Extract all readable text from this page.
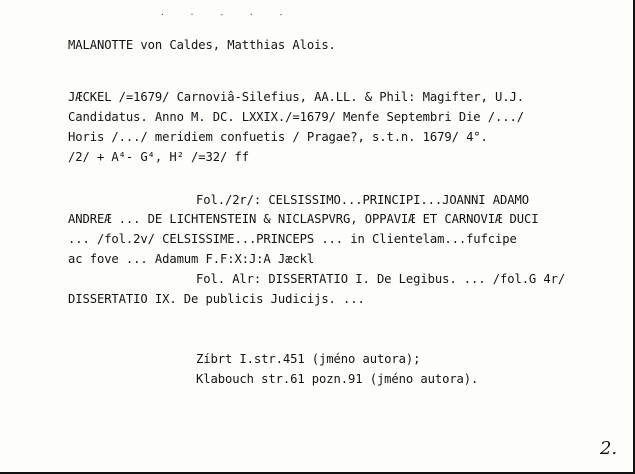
· · - · -
MALANOTTE von Caldes, Matthias Alois.
JÆCKEL /=1679/ Carnoviâ-Silefius, AA.LL. & Phil: Magifter, U.J.
Candidatus. Anno M. DC. LXXIX./=1679/ Menfe Septembri Die /.../
Horis /.../ meridiem confuetis / Pragae?, s.t.n. 1679/ 4°.
/2/ + A⁴- G⁴, H² /=32/ ff
Fol./2r/: CELSISSIMO...PRINCIPI...JOANNI ADAMO
ANDREÆ ... DE LICHTENSTEIN & NICLASPVRG, OPPAVIÆ ET CARNOVIÆ DUCI
... /fol.2v/ CELSISSIME...PRINCEPS ... in Clientelam...fufcipe
ac fove ... Adamum F.F:X:J:A Jæckl
Fol. Alr: DISSERTATIO I. De Legibus. ... /fol.G 4r/
DISSERTATIO IX. De publicis Judicijs. ...
Zíbrt I.str.451 (jméno autora);
Klabouch str.61 pozn.91 (jméno autora).
2.
